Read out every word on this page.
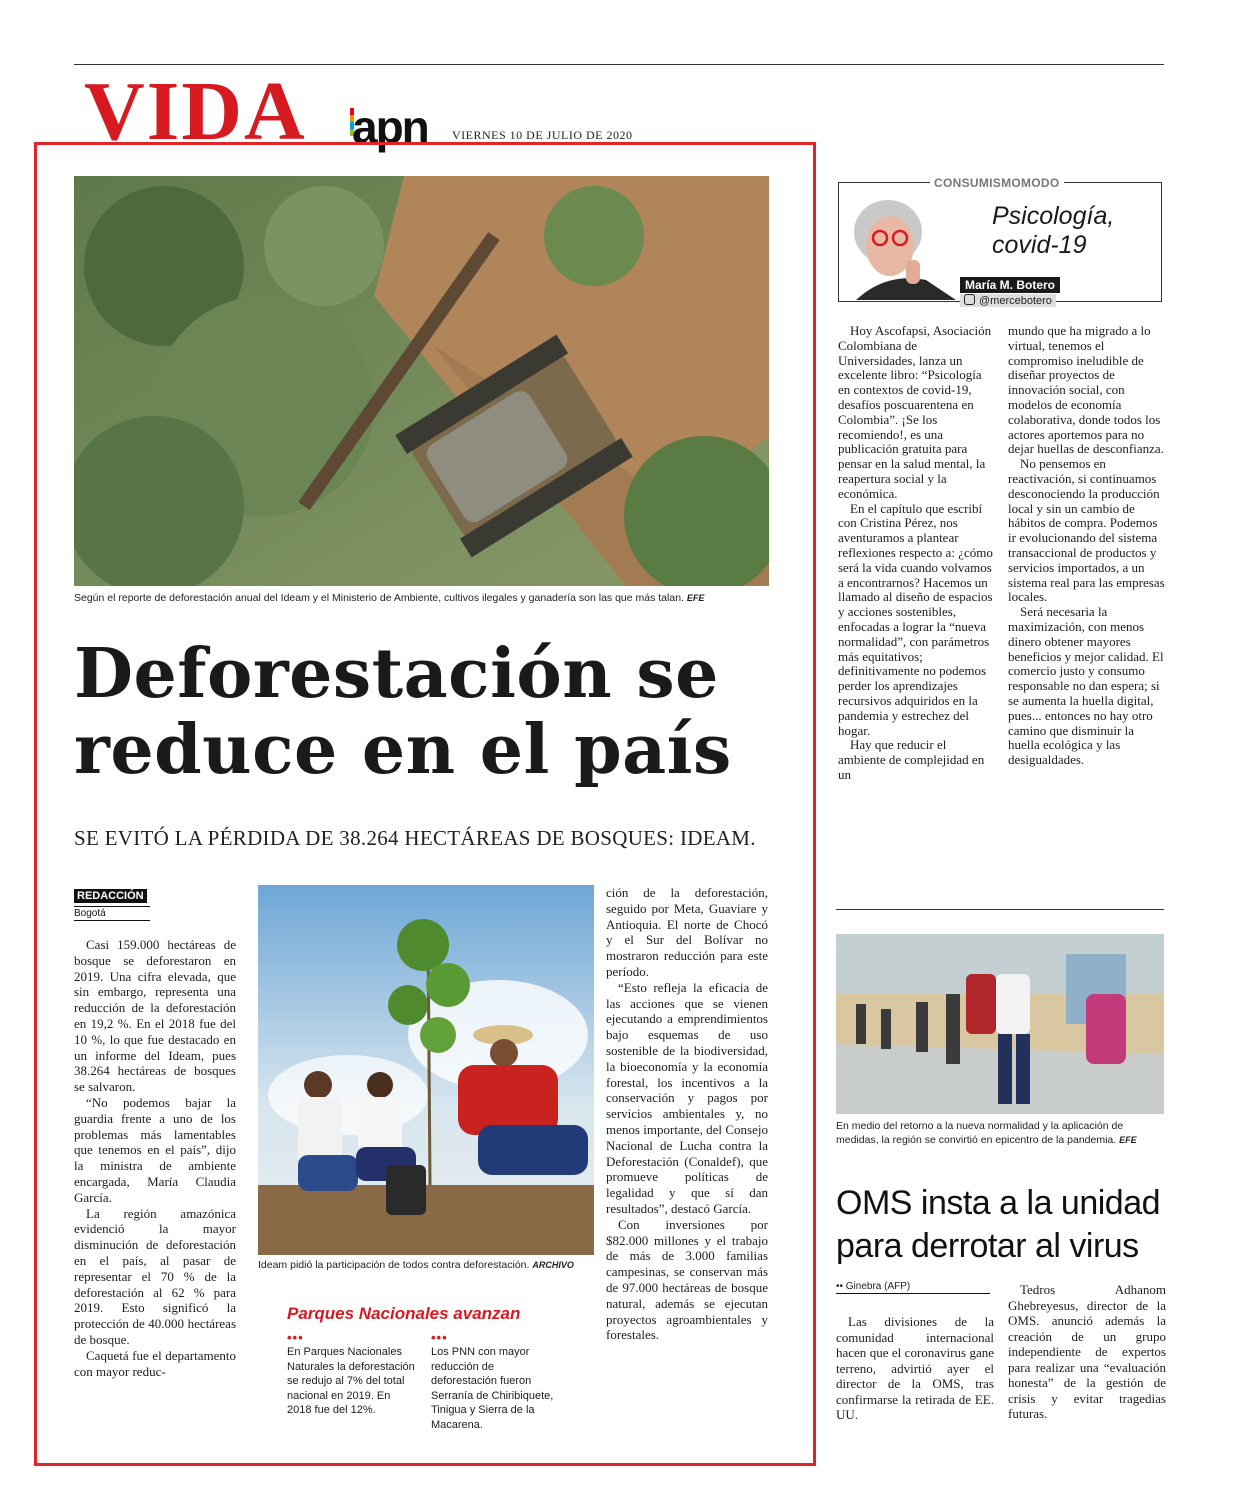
VIDA apn VIERNES 10 DE JULIO DE 2020
Según el reporte de deforestación anual del Ideam y el Ministerio de Ambiente, cultivos ilegales y ganadería son las que más talan. EFE
Deforestación se
reduce en el país
SE EVITÓ LA PÉRDIDA DE 38.264 HECTÁREAS DE BOSQUES: IDEAM.
REDACCIÓN
Bogotá

Casi 159.000 hectáreas de bosque se deforestaron en 2019. Una cifra elevada, que sin embargo, representa una reducción de la deforestación en 19,2 %. En el 2018 fue del 10 %, lo que fue destacado en un informe del Ideam, pues 38.264 hectáreas de bosques se salvaron.

“No podemos bajar la guardia frente a uno de los problemas más lamentables que tenemos en el país”, dijo la ministra de ambiente encargada, María Claudia García.

La región amazónica evidenció la mayor disminución de deforestación en el país, al pasar de representar el 70 % de la deforestación al 62 % para 2019. Esto significó la protección de 40.000 hectáreas de bosque.

Caquetá fue el departamento con mayor reduc-

Ideam pidió la participación de todos contra deforestación. ARCHIVO
Parques Nacionales avanzan
•••
En Parques Nacionales Naturales la deforestación se redujo al 7% del total nacional en 2019. En 2018 fue del 12%.
•••
Los PNN con mayor reducción de deforestación fueron Serranía de Chiribiquete, Tinigua y Sierra de la Macarena.

ción de la deforestación, seguido por Meta, Guaviare y Antioquia. El norte de Chocó y el Sur del Bolívar no mostraron reducción para este período.

“Esto refleja la eficacia de las acciones que se vienen ejecutando a emprendimientos bajo esquemas de uso sostenible de la biodiversidad, la bioeconomía y la economía forestal, los incentivos a la conservación y pagos por servicios ambientales y, no menos importante, del Consejo Nacional de Lucha contra la Deforestación (Conaldef), que promueve políticas de legalidad y que sí dan resultados”, destacó García.

Con inversiones por $82.000 millones y el trabajo de más de 3.000 familias campesinas, se conservan más de 97.000 hectáreas de bosque natural, además se ejecutan proyectos agroambientales y forestales.

CONSUMISMOMODO
Psicología,
covid-19
María M. Botero
@mercebotero

Hoy Ascofapsi, Asociación Colombiana de Universidades, lanza un excelente libro: “Psicología en contextos de covid-19, desafíos poscuarentena en Colombia”. ¡Se los recomiendo!, es una publicación gratuita para pensar en la salud mental, la reapertura social y la económica.

En el capítulo que escribí con Cristina Pérez, nos aventuramos a plantear reflexiones respecto a: ¿cómo será la vida cuando volvamos a encontrarnos? Hacemos un llamado al diseño de espacios y acciones sostenibles, enfocadas a lograr la “nueva normalidad”, con parámetros más equitativos; definitivamente no podemos perder los aprendizajes recursivos adquiridos en la pandemia y estrechez del hogar.

Hay que reducir el ambiente de complejidad en un

mundo que ha migrado a lo virtual, tenemos el compromiso ineludible de diseñar proyectos de innovación social, con modelos de economía colaborativa, donde todos los actores aportemos para no dejar huellas de desconfianza.

No pensemos en reactivación, si continuamos desconociendo la producción local y sin un cambio de hábitos de compra. Podemos ir evolucionando del sistema transaccional de productos y servicios importados, a un sistema real para las empresas locales.

Será necesaria la maximización, con menos dinero obtener mayores beneficios y mejor calidad. El comercio justo y consumo responsable no dan espera; si se aumenta la huella digital, pues... entonces no hay otro camino que disminuir la huella ecológica y las desigualdades.

En medio del retorno a la nueva normalidad y la aplicación de medidas, la región se convirtió en epicentro de la pandemia. EFE
OMS insta a la unidad
para derrotar al virus
•• Ginebra (AFP)

Las divisiones de la comunidad internacional hacen que el coronavirus gane terreno, advirtió ayer el director de la OMS, tras confirmarse la retirada de EE. UU.

Tedros Adhanom Ghebreyesus, director de la OMS. anunció además la creación de un grupo independiente de expertos para realizar una “evaluación honesta” de la gestión de crisis y evitar tragedias futuras.
